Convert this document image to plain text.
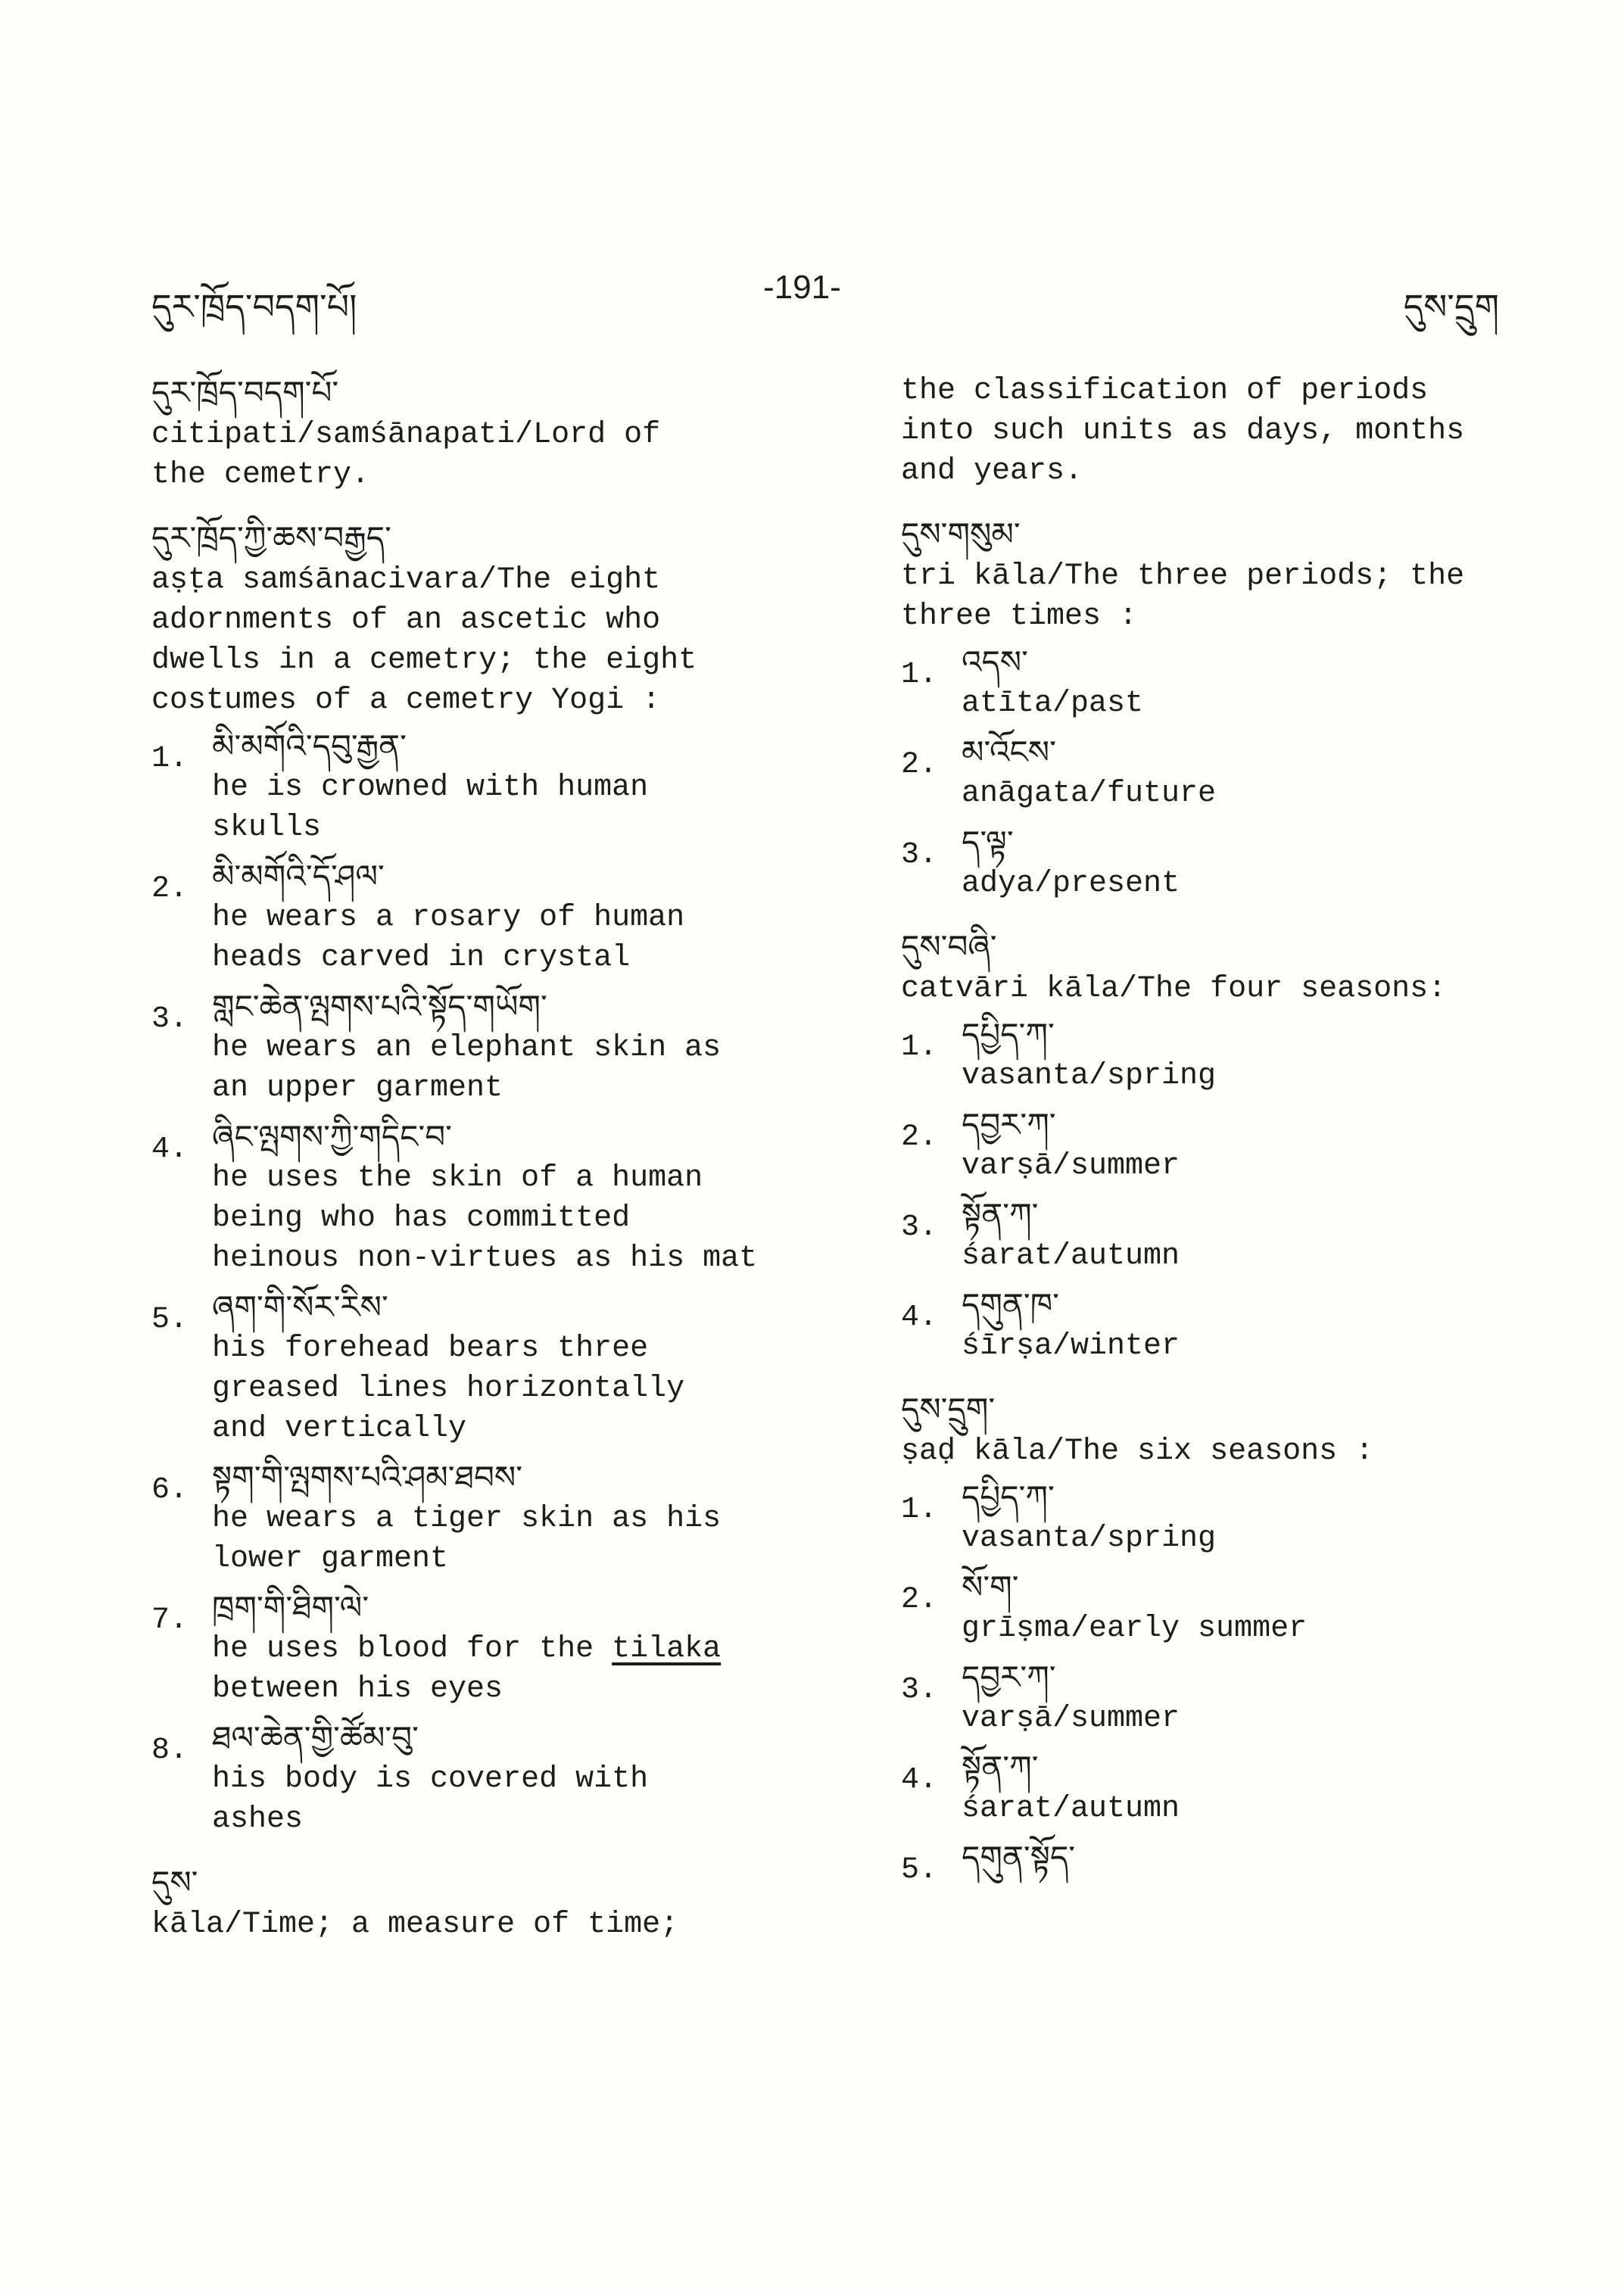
དུར་ཁྲོད་བདག་པོ།	-191-	དུས་དྲུག
དུར་ཁྲོད་བདག་པོ་
citipati/samśānapati/Lord of
the cemetry.
དུར་ཁྲོད་ཀྱི་ཆས་བརྒྱད་
aṣṭa samśānacivara/The eight
adornments of an ascetic who
dwells in a cemetry; the eight
costumes of a cemetry Yogi :
1. མི་མགོའི་དབུ་རྒྱན་
he is crowned with human
skulls
2. མི་མགོའི་དོ་ཤལ་
he wears a rosary of human
heads carved in crystal
3. གླང་ཆེན་ལྤགས་པའི་སྟོད་གཡོག་
he wears an elephant skin as
an upper garment
4. ཞིང་ལྤགས་ཀྱི་གདིང་བ་
he uses the skin of a human
being who has committed
heinous non-virtues as his mat
5. ཞག་གི་སོར་རིས་
his forehead bears three
greased lines horizontally
and vertically
6. སྟག་གི་ལྤགས་པའི་ཤམ་ཐབས་
he wears a tiger skin as his
lower garment
7. ཁྲག་གི་ཐིག་ལེ་
he uses blood for the tilaka
between his eyes
8. ཐལ་ཆེན་གྱི་ཚོམ་བུ་
his body is covered with
ashes
དུས་
kāla/Time; a measure of time;
the classification of periods
into such units as days, months
and years.
དུས་གསུམ་
tri kāla/The three periods; the
three times :
1. འདས་
atīta/past
2. མ་འོངས་
anāgata/future
3. ད་ལྟ་
adya/present
དུས་བཞི་
catvāri kāla/The four seasons:
1. དཔྱིད་ཀ་
vasanta/spring
2. དབྱར་ཀ་
varṣā/summer
3. སྟོན་ཀ་
śarat/autumn
4. དགུན་ཁ་
śīrṣa/winter
དུས་དྲུག་
ṣaḍ kāla/The six seasons :
1. དཔྱིད་ཀ་
vasanta/spring
2. སོ་ག་
grīṣma/early summer
3. དབྱར་ཀ་
varṣā/summer
4. སྟོན་ཀ་
śarat/autumn
5. དགུན་སྟོད་
